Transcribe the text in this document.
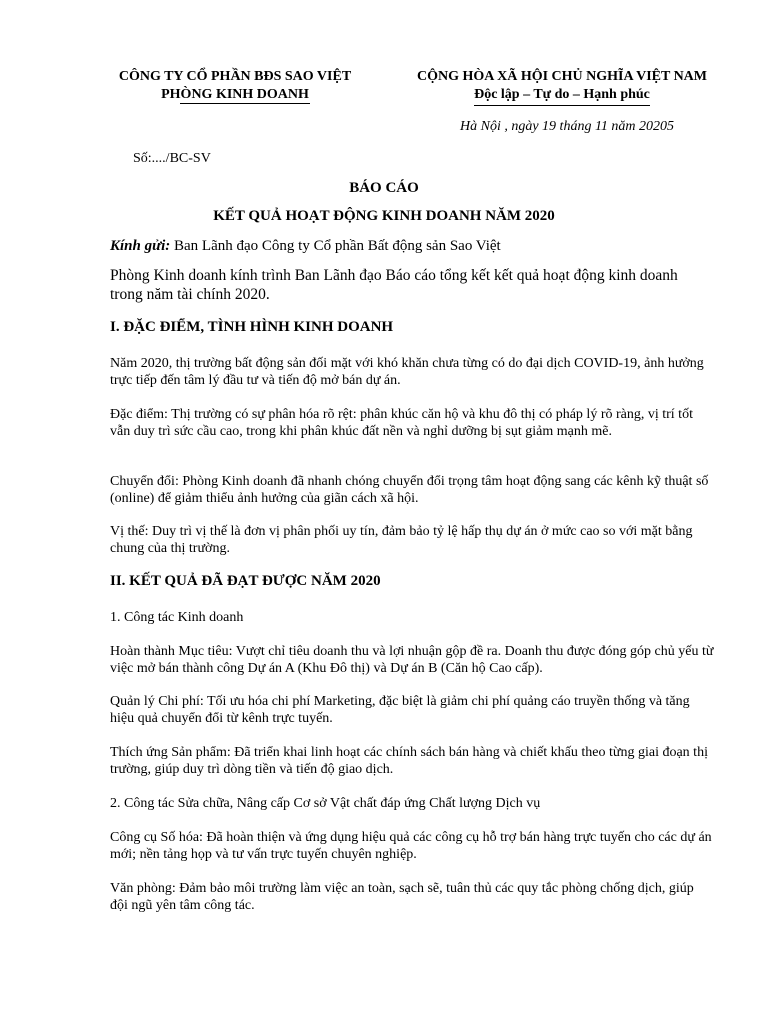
CÔNG TY CỔ PHẦN BĐS SAO VIỆT
PHÒNG KINH DOANH
CỘNG HÒA XÃ HỘI CHỦ NGHĨA VIỆT NAM
Độc lập – Tự do – Hạnh phúc

Hà Nội , ngày 19 tháng 11 năm 20205

Số:..../BC-SV

BÁO CÁO

KẾT QUẢ HOẠT ĐỘNG KINH DOANH NĂM 2020

Kính gửi: Ban Lãnh đạo Công ty Cổ phần Bất động sản Sao Việt

Phòng Kinh doanh kính trình Ban Lãnh đạo Báo cáo tổng kết kết quả hoạt động kinh doanh trong năm tài chính 2020.

I. ĐẶC ĐIỂM, TÌNH HÌNH KINH DOANH

Năm 2020, thị trường bất động sản đối mặt với khó khăn chưa từng có do đại dịch COVID-19, ảnh hưởng trực tiếp đến tâm lý đầu tư và tiến độ mở bán dự án.

Đặc điểm: Thị trường có sự phân hóa rõ rệt: phân khúc căn hộ và khu đô thị có pháp lý rõ ràng, vị trí tốt vẫn duy trì sức cầu cao, trong khi phân khúc đất nền và nghỉ dưỡng bị sụt giảm mạnh mẽ.

Chuyển đổi: Phòng Kinh doanh đã nhanh chóng chuyển đổi trọng tâm hoạt động sang các kênh kỹ thuật số (online) để giảm thiểu ảnh hưởng của giãn cách xã hội.

Vị thế: Duy trì vị thế là đơn vị phân phối uy tín, đảm bảo tỷ lệ hấp thụ dự án ở mức cao so với mặt bằng chung của thị trường.

II. KẾT QUẢ ĐÃ ĐẠT ĐƯỢC NĂM 2020

1. Công tác Kinh doanh

Hoàn thành Mục tiêu: Vượt chỉ tiêu doanh thu và lợi nhuận gộp đề ra. Doanh thu được đóng góp chủ yếu từ việc mở bán thành công Dự án A (Khu Đô thị) và Dự án B (Căn hộ Cao cấp).

Quản lý Chi phí: Tối ưu hóa chi phí Marketing, đặc biệt là giảm chi phí quảng cáo truyền thống và tăng hiệu quả chuyển đổi từ kênh trực tuyến.

Thích ứng Sản phẩm: Đã triển khai linh hoạt các chính sách bán hàng và chiết khấu theo từng giai đoạn thị trường, giúp duy trì dòng tiền và tiến độ giao dịch.

2. Công tác Sửa chữa, Nâng cấp Cơ sở Vật chất đáp ứng Chất lượng Dịch vụ

Công cụ Số hóa: Đã hoàn thiện và ứng dụng hiệu quả các công cụ hỗ trợ bán hàng trực tuyến cho các dự án mới; nền tảng họp và tư vấn trực tuyến chuyên nghiệp.

Văn phòng: Đảm bảo môi trường làm việc an toàn, sạch sẽ, tuân thủ các quy tắc phòng chống dịch, giúp đội ngũ yên tâm công tác.
